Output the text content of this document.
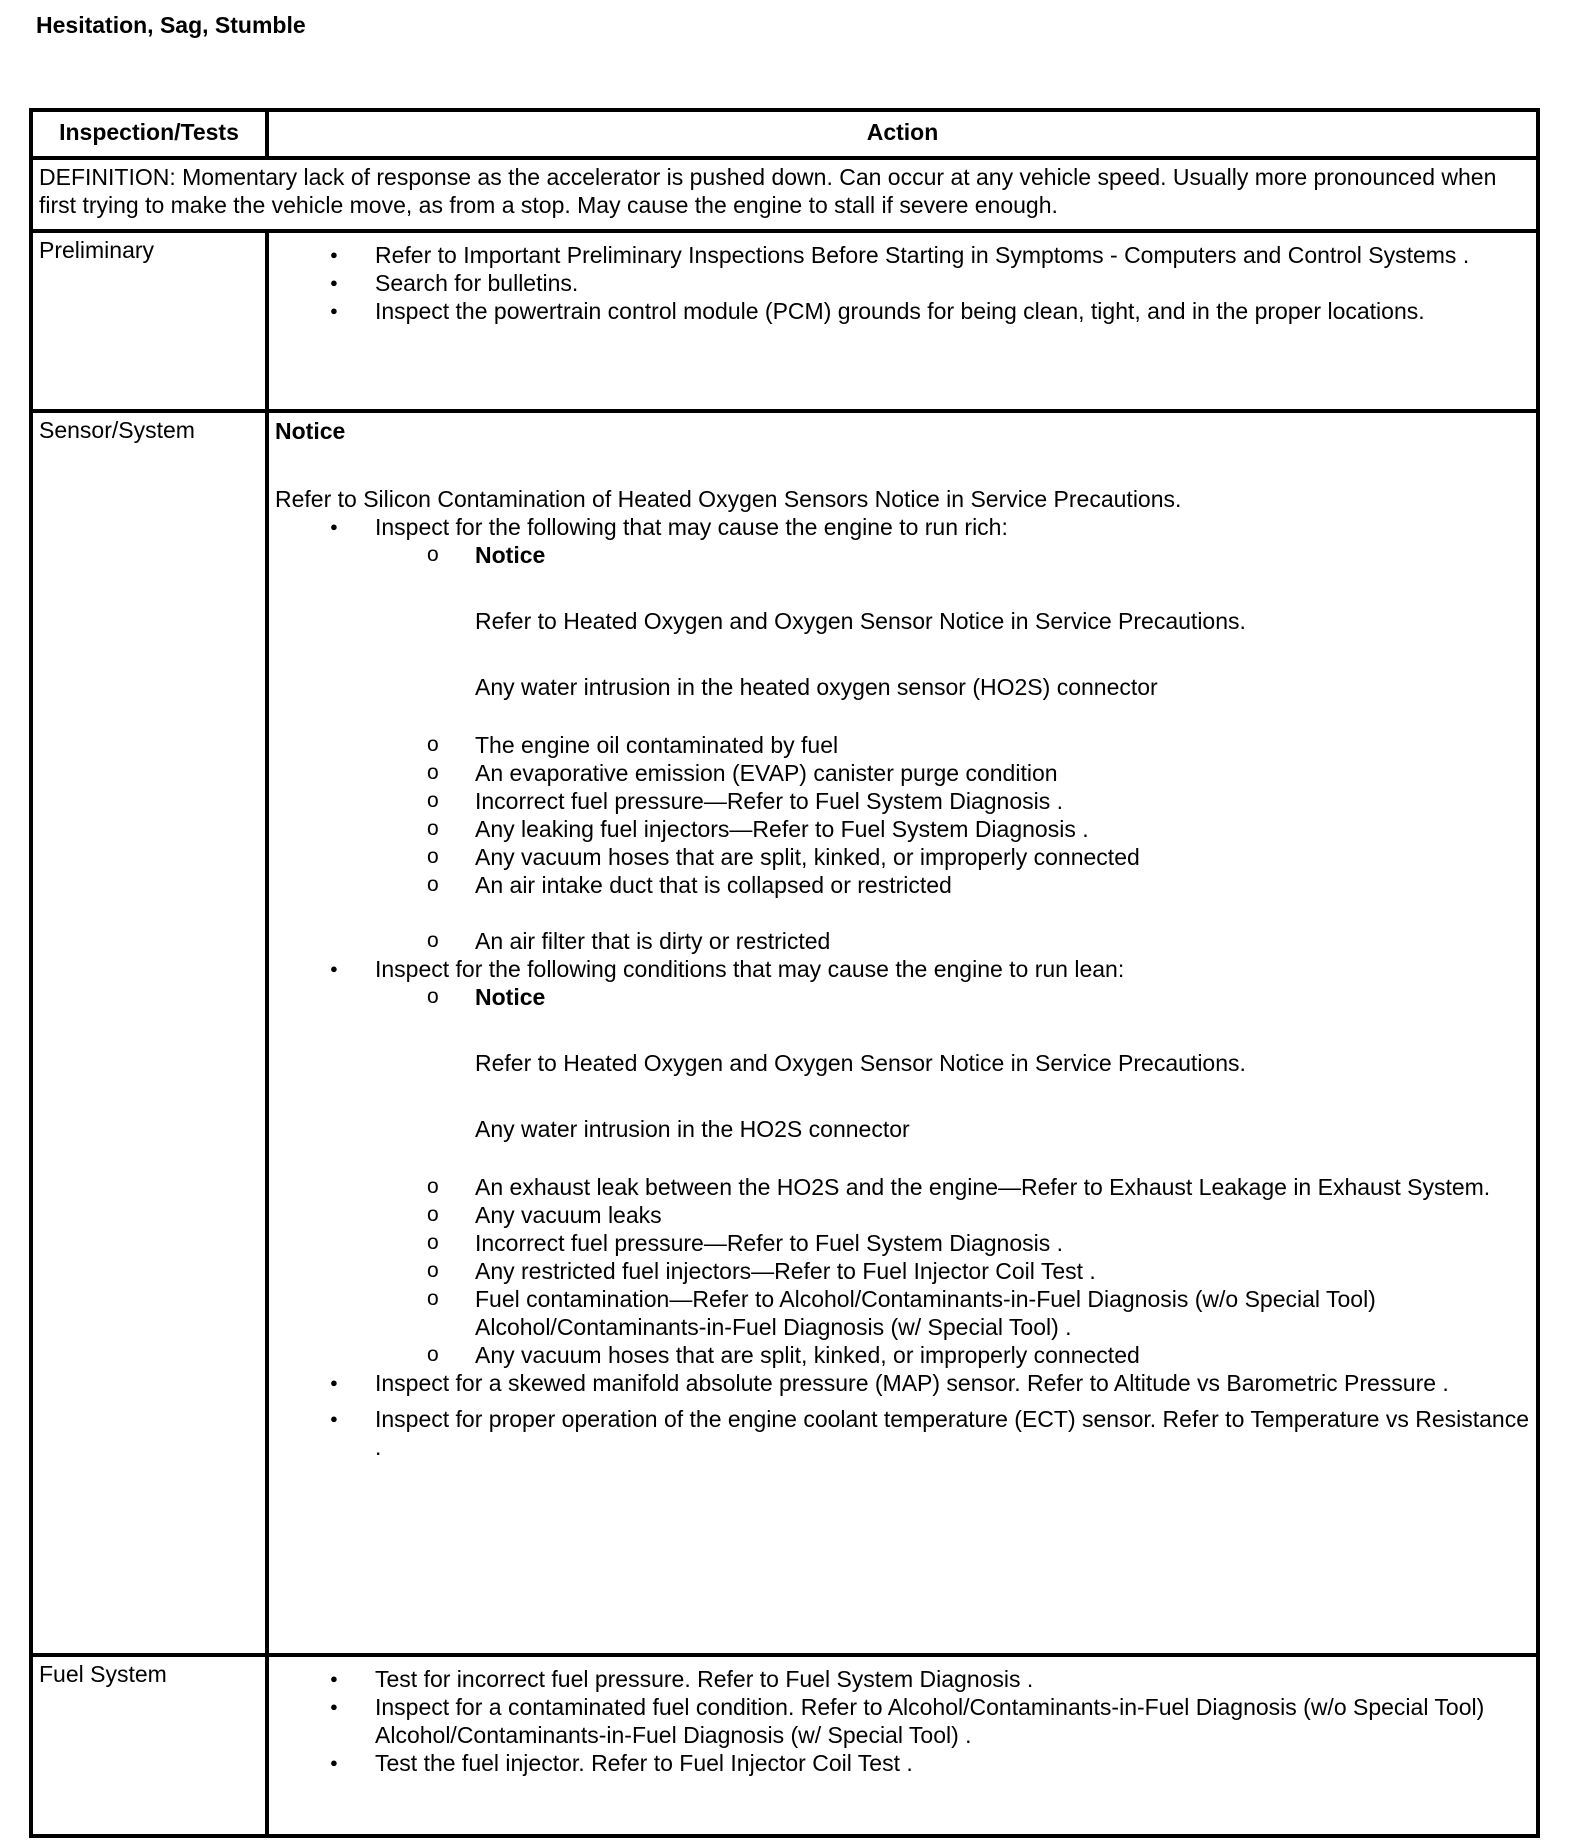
Hesitation, Sag, Stumble
Inspection/Tests	Action
DEFINITION: Momentary lack of response as the accelerator is pushed down. Can occur at any vehicle speed. Usually more pronounced when first trying to make the vehicle move, as from a stop. May cause the engine to stall if severe enough.
Preliminary	● Refer to Important Preliminary Inspections Before Starting in Symptoms - Computers and Control Systems .
● Search for bulletins.
● Inspect the powertrain control module (PCM) grounds for being clean, tight, and in the proper locations.
Sensor/System	Notice
Refer to Silicon Contamination of Heated Oxygen Sensors Notice in Service Precautions.
● Inspect for the following that may cause the engine to run rich:
o Notice
Refer to Heated Oxygen and Oxygen Sensor Notice in Service Precautions.
Any water intrusion in the heated oxygen sensor (HO2S) connector
o The engine oil contaminated by fuel
o An evaporative emission (EVAP) canister purge condition
o Incorrect fuel pressure—Refer to Fuel System Diagnosis .
o Any leaking fuel injectors—Refer to Fuel System Diagnosis .
o Any vacuum hoses that are split, kinked, or improperly connected
o An air intake duct that is collapsed or restricted
o An air filter that is dirty or restricted
● Inspect for the following conditions that may cause the engine to run lean:
o Notice
Refer to Heated Oxygen and Oxygen Sensor Notice in Service Precautions.
Any water intrusion in the HO2S connector
o An exhaust leak between the HO2S and the engine—Refer to Exhaust Leakage in Exhaust System.
o Any vacuum leaks
o Incorrect fuel pressure—Refer to Fuel System Diagnosis .
o Any restricted fuel injectors—Refer to Fuel Injector Coil Test .
o Fuel contamination—Refer to Alcohol/Contaminants-in-Fuel Diagnosis (w/o Special Tool) Alcohol/Contaminants-in-Fuel Diagnosis (w/ Special Tool) .
o Any vacuum hoses that are split, kinked, or improperly connected
● Inspect for a skewed manifold absolute pressure (MAP) sensor. Refer to Altitude vs Barometric Pressure .
● Inspect for proper operation of the engine coolant temperature (ECT) sensor. Refer to Temperature vs Resistance .
Fuel System	● Test for incorrect fuel pressure. Refer to Fuel System Diagnosis .
● Inspect for a contaminated fuel condition. Refer to Alcohol/Contaminants-in-Fuel Diagnosis (w/o Special Tool) Alcohol/Contaminants-in-Fuel Diagnosis (w/ Special Tool) .
● Test the fuel injector. Refer to Fuel Injector Coil Test .
